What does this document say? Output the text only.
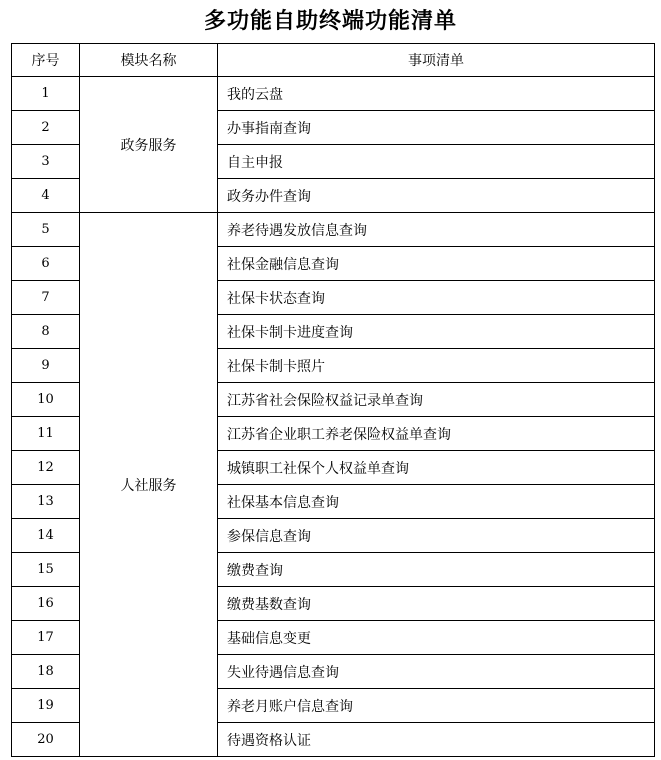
多功能自助终端功能清单
序号	模块名称	事项清单
1	政务服务	我的云盘
2		办事指南查询
3		自主申报
4		政务办件查询
5	人社服务	养老待遇发放信息查询
6		社保金融信息查询
7		社保卡状态查询
8		社保卡制卡进度查询
9		社保卡制卡照片
10		江苏省社会保险权益记录单查询
11		江苏省企业职工养老保险权益单查询
12		城镇职工社保个人权益单查询
13		社保基本信息查询
14		参保信息查询
15		缴费查询
16		缴费基数查询
17		基础信息变更
18		失业待遇信息查询
19		养老月账户信息查询
20		待遇资格认证
